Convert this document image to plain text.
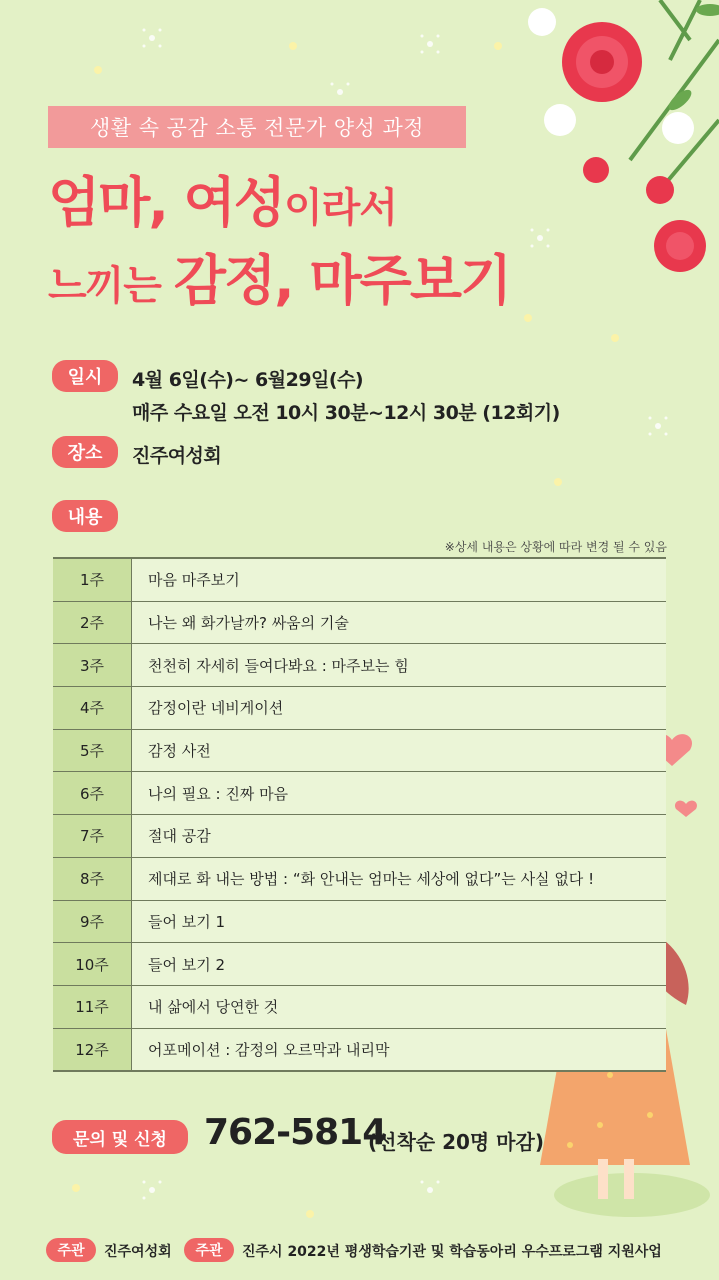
생활 속 공감 소통 전문가 양성 과정
엄마, 여성이라서
느끼는 감정, 마주보기
일시	4월 6일(수)~ 6월29일(수)
매주 수요일 오전 10시 30분~12시 30분 (12회기)
장소	진주여성회
내용
※상세 내용은 상황에 따라 변경 될 수 있음
1주	마음 마주보기
2주	나는 왜 화가날까? 싸움의 기술
3주	천천히 자세히 들여다봐요 : 마주보는 힘
4주	감정이란 네비게이션
5주	감정 사전
6주	나의 필요 : 진짜 마음
7주	절대 공감
8주	제대로 화 내는 방법 : “화 안내는 엄마는 세상에 없다”는 사실 없다 !
9주	들어 보기 1
10주	들어 보기 2
11주	내 삶에서 당연한 것
12주	어포메이션 : 감정의 오르막과 내리막
문의 및 신청	762-5814
(선착순 20명 마감)
주관	진주여성회	주관	진주시 2022년 평생학습기관 및 학습동아리 우수프로그램 지원사업
